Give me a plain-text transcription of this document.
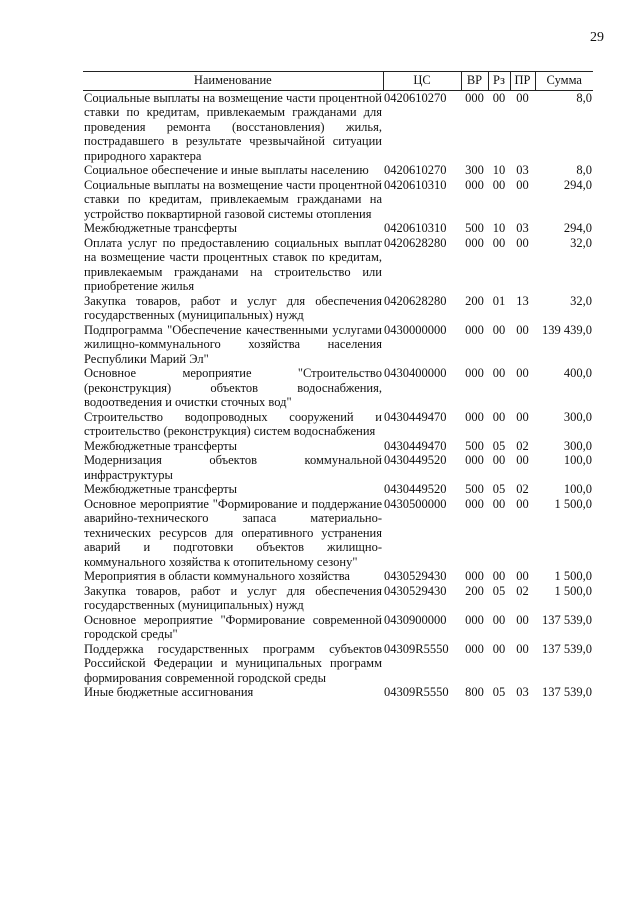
29
Наименование	ЦС	ВР	Рз	ПР	Сумма
Социальные выплаты на возмещение части процентной ставки по кредитам, привлекаемым гражданами для проведения ремонта (восстановления) жилья, пострадавшего в результате чрезвычайной ситуации природного характера	0420610270	000	00	00	8,0
Социальное обеспечение и иные выплаты населению	0420610270	300	10	03	8,0
Социальные выплаты на возмещение части процентной ставки по кредитам, привлекаемым гражданами на устройство поквартирной газовой системы отопления	0420610310	000	00	00	294,0
Межбюджетные трансферты	0420610310	500	10	03	294,0
Оплата услуг по предоставлению социальных выплат на возмещение части процентных ставок по кредитам, привлекаемым гражданами на строительство или приобретение жилья	0420628280	000	00	00	32,0
Закупка товаров, работ и услуг для обеспечения государственных (муниципальных) нужд	0420628280	200	01	13	32,0
Подпрограмма "Обеспечение качественными услугами жилищно-коммунального хозяйства населения Республики Марий Эл"	0430000000	000	00	00	139 439,0
Основное мероприятие "Строительство (реконструкция) объектов водоснабжения, водоотведения и очистки сточных вод"	0430400000	000	00	00	400,0
Строительство водопроводных сооружений и строительство (реконструкция) систем водоснабжения	0430449470	000	00	00	300,0
Межбюджетные трансферты	0430449470	500	05	02	300,0
Модернизация объектов коммунальной инфраструктуры	0430449520	000	00	00	100,0
Межбюджетные трансферты	0430449520	500	05	02	100,0
Основное мероприятие "Формирование и поддержание аварийно-технического запаса материально-технических ресурсов для оперативного устранения аварий и подготовки объектов жилищно-коммунального хозяйства к отопительному сезону"	0430500000	000	00	00	1 500,0
Мероприятия в области коммунального хозяйства	0430529430	000	00	00	1 500,0
Закупка товаров, работ и услуг для обеспечения государственных (муниципальных) нужд	0430529430	200	05	02	1 500,0
Основное мероприятие "Формирование современной городской среды"	0430900000	000	00	00	137 539,0
Поддержка государственных программ субъектов Российской Федерации и муниципальных программ формирования современной городской среды	04309R5550	000	00	00	137 539,0
Иные бюджетные ассигнования	04309R5550	800	05	03	137 539,0
